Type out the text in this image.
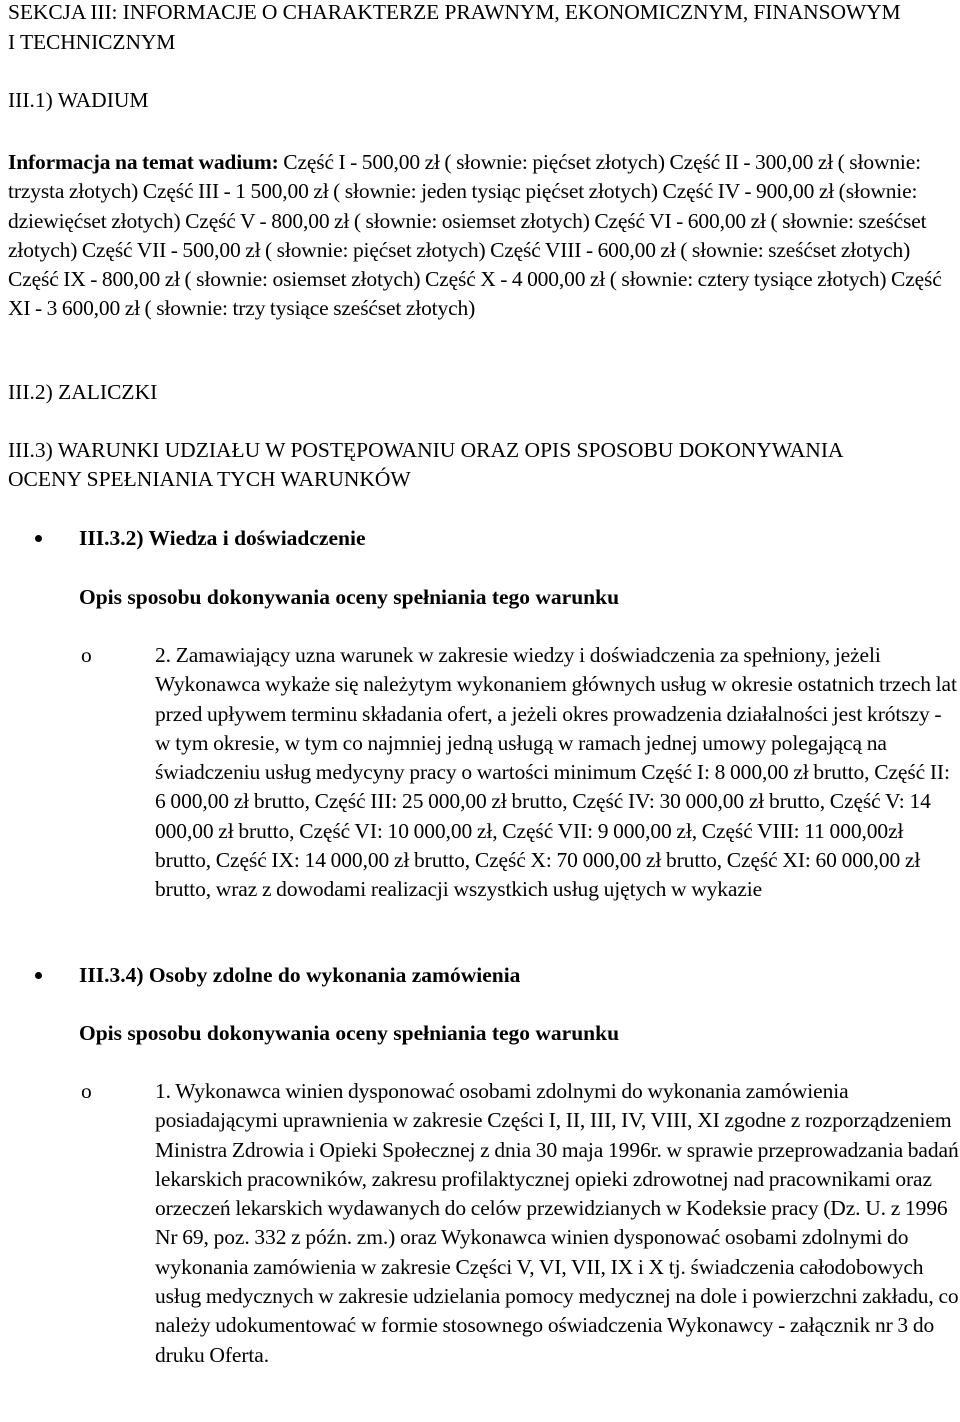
SEKCJA III: INFORMACJE O CHARAKTERZE PRAWNYM, EKONOMICZNYM, FINANSOWYM I TECHNICZNYM

III.1) WADIUM

Informacja na temat wadium: Część I - 500,00 zł ( słownie: pięćset złotych) Część II - 300,00 zł ( słownie: trzysta złotych) Część III - 1 500,00 zł ( słownie: jeden tysiąc pięćset złotych) Część IV - 900,00 zł (słownie: dziewięćset złotych) Część V - 800,00 zł ( słownie: osiemset złotych) Część VI - 600,00 zł ( słownie: sześćset złotych) Część VII - 500,00 zł ( słownie: pięćset złotych) Część VIII - 600,00 zł ( słownie: sześćset złotych) Część IX - 800,00 zł ( słownie: osiemset złotych) Część X - 4 000,00 zł ( słownie: cztery tysiące złotych) Część XI - 3 600,00 zł ( słownie: trzy tysiące sześćset złotych)

III.2) ZALICZKI

III.3) WARUNKI UDZIAŁU W POSTĘPOWANIU ORAZ OPIS SPOSOBU DOKONYWANIA OCENY SPEŁNIANIA TYCH WARUNKÓW

III.3.2) Wiedza i doświadczenie

Opis sposobu dokonywania oceny spełniania tego warunku

o	2. Zamawiający uzna warunek w zakresie wiedzy i doświadczenia za spełniony, jeżeli Wykonawca wykaże się należytym wykonaniem głównych usług w okresie ostatnich trzech lat przed upływem terminu składania ofert, a jeżeli okres prowadzenia działalności jest krótszy - w tym okresie, w tym co najmniej jedną usługą w ramach jednej umowy polegającą na świadczeniu usług medycyny pracy o wartości minimum Część I: 8 000,00 zł brutto, Część II: 6 000,00 zł brutto, Część III: 25 000,00 zł brutto, Część IV: 30 000,00 zł brutto, Część V: 14 000,00 zł brutto, Część VI: 10 000,00 zł, Część VII: 9 000,00 zł, Część VIII: 11 000,00zł brutto, Część IX: 14 000,00 zł brutto, Część X: 70 000,00 zł brutto, Część XI: 60 000,00 zł brutto, wraz z dowodami realizacji wszystkich usług ujętych w wykazie

III.3.4) Osoby zdolne do wykonania zamówienia

Opis sposobu dokonywania oceny spełniania tego warunku

o	1. Wykonawca winien dysponować osobami zdolnymi do wykonania zamówienia posiadającymi uprawnienia w zakresie Części I, II, III, IV, VIII, XI zgodne z rozporządzeniem Ministra Zdrowia i Opieki Społecznej z dnia 30 maja 1996r. w sprawie przeprowadzania badań lekarskich pracowników, zakresu profilaktycznej opieki zdrowotnej nad pracownikami oraz orzeczeń lekarskich wydawanych do celów przewidzianych w Kodeksie pracy (Dz. U. z 1996 Nr 69, poz. 332 z późn. zm.) oraz Wykonawca winien dysponować osobami zdolnymi do wykonania zamówienia w zakresie Części V, VI, VII, IX i X tj. świadczenia całodobowych usług medycznych w zakresie udzielania pomocy medycznej na dole i powierzchni zakładu, co należy udokumentować w formie stosownego oświadczenia Wykonawcy - załącznik nr 3 do druku Oferta.
